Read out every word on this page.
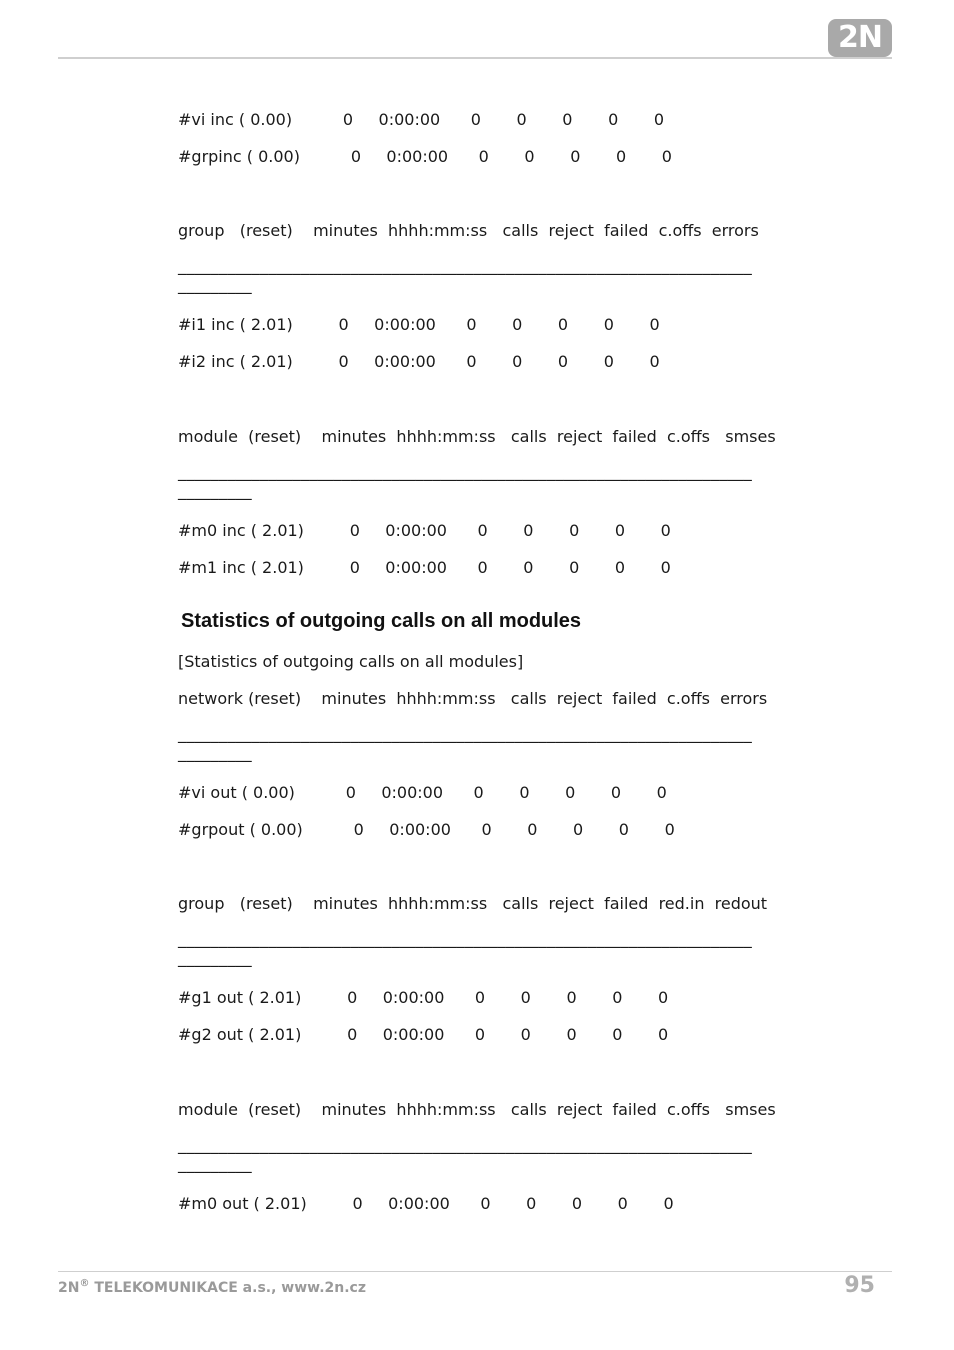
2N
#vi inc ( 0.00)          0     0:00:00      0       0       0       0       0
#grpinc ( 0.00)          0     0:00:00      0       0       0       0       0
group   (reset)    minutes  hhhh:mm:ss   calls  reject  failed  c.offs  errors
______________________________________________________________________
_________
#i1 inc ( 2.01)         0     0:00:00      0       0       0       0       0
#i2 inc ( 2.01)         0     0:00:00      0       0       0       0       0
module  (reset)    minutes  hhhh:mm:ss   calls  reject  failed  c.offs   smses
______________________________________________________________________
_________
#m0 inc ( 2.01)         0     0:00:00      0       0       0       0       0
#m1 inc ( 2.01)         0     0:00:00      0       0       0       0       0
Statistics of outgoing calls on all modules
[Statistics of outgoing calls on all modules]
network (reset)    minutes  hhhh:mm:ss   calls  reject  failed  c.offs  errors
______________________________________________________________________
_________
#vi out ( 0.00)          0     0:00:00      0       0       0       0       0
#grpout ( 0.00)          0     0:00:00      0       0       0       0       0
group   (reset)    minutes  hhhh:mm:ss   calls  reject  failed  red.in  redout
______________________________________________________________________
_________
#g1 out ( 2.01)         0     0:00:00      0       0       0       0       0
#g2 out ( 2.01)         0     0:00:00      0       0       0       0       0
module  (reset)    minutes  hhhh:mm:ss   calls  reject  failed  c.offs   smses
______________________________________________________________________
_________
#m0 out ( 2.01)         0     0:00:00      0       0       0       0       0
2N® TELEKOMUNIKACE a.s., www.2n.cz	95
